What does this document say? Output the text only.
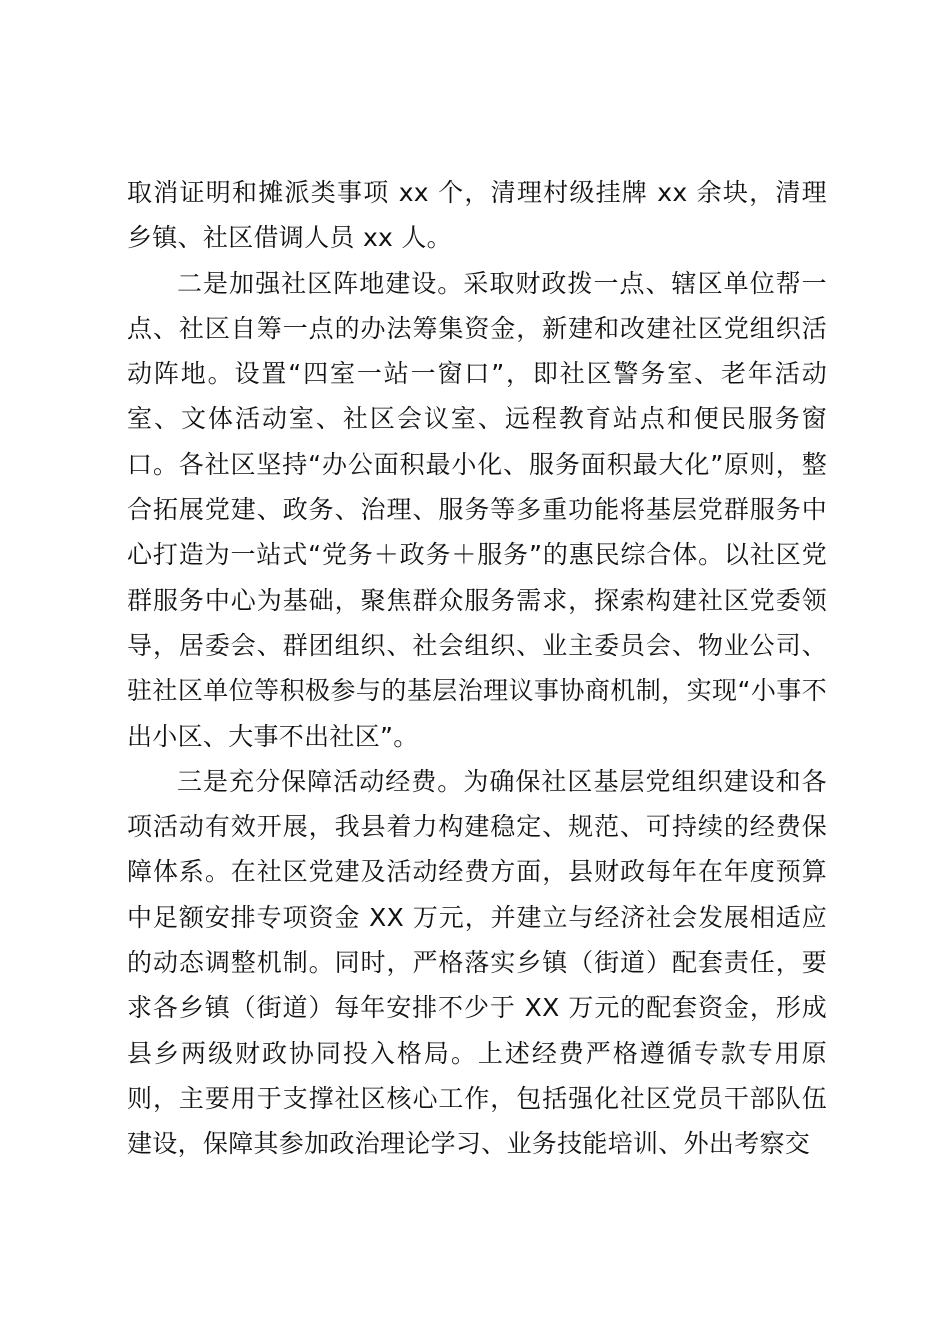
取消证明和摊派类事项 xx 个，清理村级挂牌 xx 余块，清理乡镇、社区借调人员 xx 人。

二是加强社区阵地建设。采取财政拨一点、辖区单位帮一点、社区自筹一点的办法筹集资金，新建和改建社区党组织活动阵地。设置“四室一站一窗口”，即社区警务室、老年活动室、文体活动室、社区会议室、远程教育站点和便民服务窗口。各社区坚持“办公面积最小化、服务面积最大化”原则，整合拓展党建、政务、治理、服务等多重功能将基层党群服务中心打造为一站式“党务＋政务＋服务”的惠民综合体。以社区党群服务中心为基础，聚焦群众服务需求，探索构建社区党委领导，居委会、群团组织、社会组织、业主委员会、物业公司、驻社区单位等积极参与的基层治理议事协商机制，实现“小事不出小区、大事不出社区”。

三是充分保障活动经费。为确保社区基层党组织建设和各项活动有效开展，我县着力构建稳定、规范、可持续的经费保障体系。在社区党建及活动经费方面，县财政每年在年度预算中足额安排专项资金 XX 万元，并建立与经济社会发展相适应的动态调整机制。同时，严格落实乡镇（街道）配套责任，要求各乡镇（街道）每年安排不少于 XX 万元的配套资金，形成县乡两级财政协同投入格局。上述经费严格遵循专款专用原则，主要用于支撑社区核心工作，包括强化社区党员干部队伍建设，保障其参加政治理论学习、业务技能培训、外出考察交
